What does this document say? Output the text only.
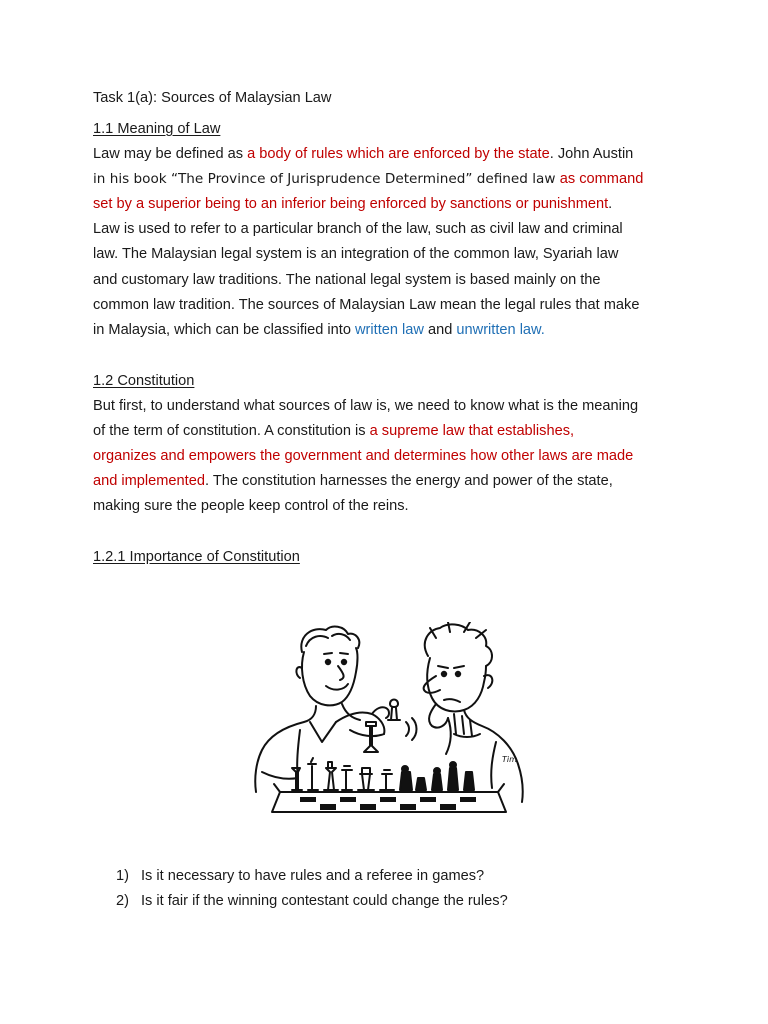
Task 1(a): Sources of Malaysian Law
1.1 Meaning of Law
Law may be defined as a body of rules which are enforced by the state. John Austin
in his book “The Province of Jurisprudence Determined” defined law as command
set by a superior being to an inferior being enforced by sanctions or punishment.
Law is used to refer to a particular branch of the law, such as civil law and criminal
law. The Malaysian legal system is an integration of the common law, Syariah law
and customary law traditions. The national legal system is based mainly on the
common law tradition. The sources of Malaysian Law mean the legal rules that make
in Malaysia, which can be classified into written law and unwritten law.
1.2 Constitution
But first, to understand what sources of law is, we need to know what is the meaning
of the term of constitution. A constitution is a supreme law that establishes,
organizes and empowers the government and determines how other laws are made
and implemented. The constitution harnesses the energy and power of the state,
making sure the people keep control of the reins.
1.2.1 Importance of Constitution
Tim
1) Is it necessary to have rules and a referee in games?
2) Is it fair if the winning contestant could change the rules?
